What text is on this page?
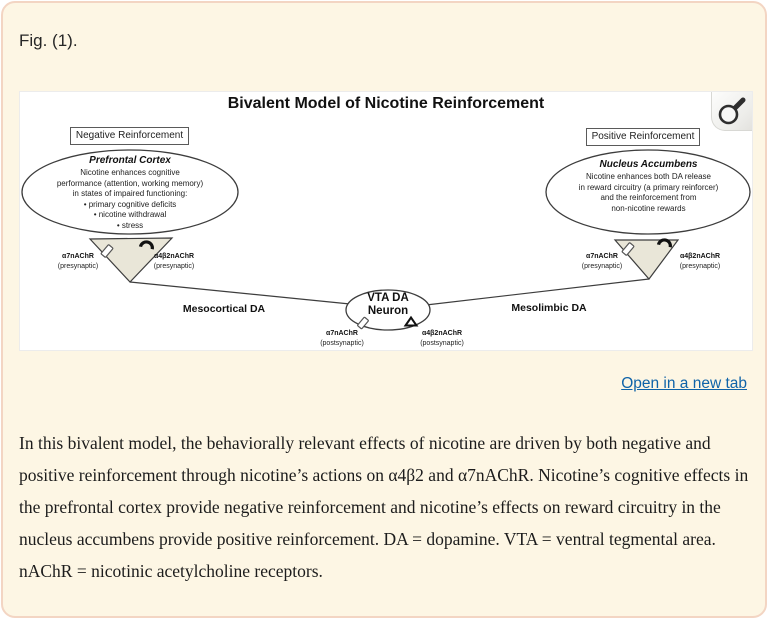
Fig. (1).
Bivalent Model of Nicotine Reinforcement
Negative Reinforcement	Positive Reinforcement
Prefrontal Cortex
Nicotine enhances cognitive
performance (attention, working memory)
in states of impaired functioning:
• primary cognitive deficits
• nicotine withdrawal
• stress
Nucleus Accumbens
Nicotine enhances both DA release
in reward circuitry (a primary reinforcer)
and the reinforcement from
non-nicotine rewards
VTA DA
Neuron
Mesocortical DA	Mesolimbic DA
α7nAChR
(presynaptic)
α4β2nAChR
(presynaptic)
α7nAChR
(presynaptic)
α4β2nAChR
(presynaptic)
α7nAChR
(postsynaptic)
α4β2nAChR
(postsynaptic)
Open in a new tab

In this bivalent model, the behaviorally relevant effects of nicotine are driven by both negative and positive reinforcement through nicotine’s actions on α4β2 and α7nAChR. Nicotine’s cognitive effects in the prefrontal cortex provide negative reinforcement and nicotine’s effects on reward circuitry in the nucleus accumbens provide positive reinforcement. DA = dopamine. VTA = ventral tegmental area. nAChR = nicotinic acetylcholine receptors.
